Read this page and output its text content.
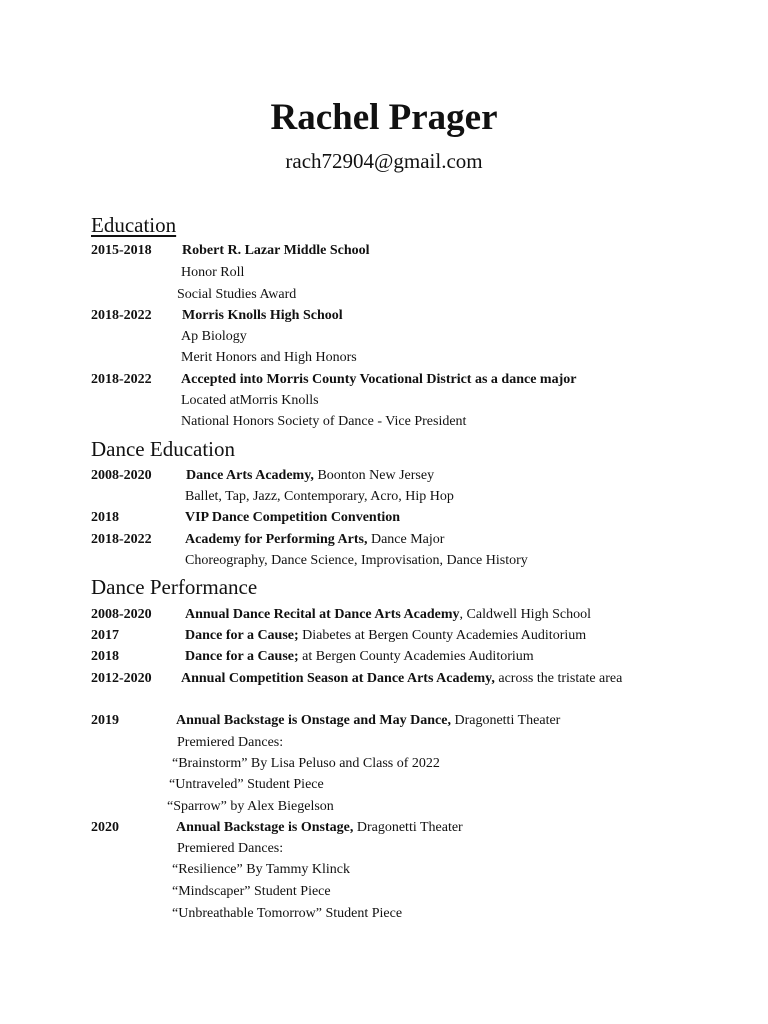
Rachel Prager
rach72904@gmail.com
Education
2015-2018 Robert R. Lazar Middle School
Honor Roll
Social Studies Award
2018-2022 Morris Knolls High School
Ap Biology
Merit Honors and High Honors
2018-2022 Accepted into Morris County Vocational District as a dance major
Located atMorris Knolls
National Honors Society of Dance - Vice President
Dance Education
2008-2020 Dance Arts Academy, Boonton New Jersey
Ballet, Tap, Jazz, Contemporary, Acro, Hip Hop
2018	VIP Dance Competition Convention
2018-2022 Academy for Performing Arts, Dance Major
Choreography, Dance Science, Improvisation, Dance History
Dance Performance
2008-2020 Annual Dance Recital at Dance Arts Academy, Caldwell High School
2017	Dance for a Cause; Diabetes at Bergen County Academies Auditorium
2018	Dance for a Cause; at Bergen County Academies Auditorium
2012-2020 Annual Competition Season at Dance Arts Academy, across the tristate area
2019	Annual Backstage is Onstage and May Dance, Dragonetti Theater
Premiered Dances:
“Brainstorm” By Lisa Peluso and Class of 2022
“Untraveled” Student Piece
“Sparrow” by Alex Biegelson
2020	Annual Backstage is Onstage, Dragonetti Theater
Premiered Dances:
“Resilience” By Tammy Klinck
“Mindscaper” Student Piece
“Unbreathable Tomorrow” Student Piece
